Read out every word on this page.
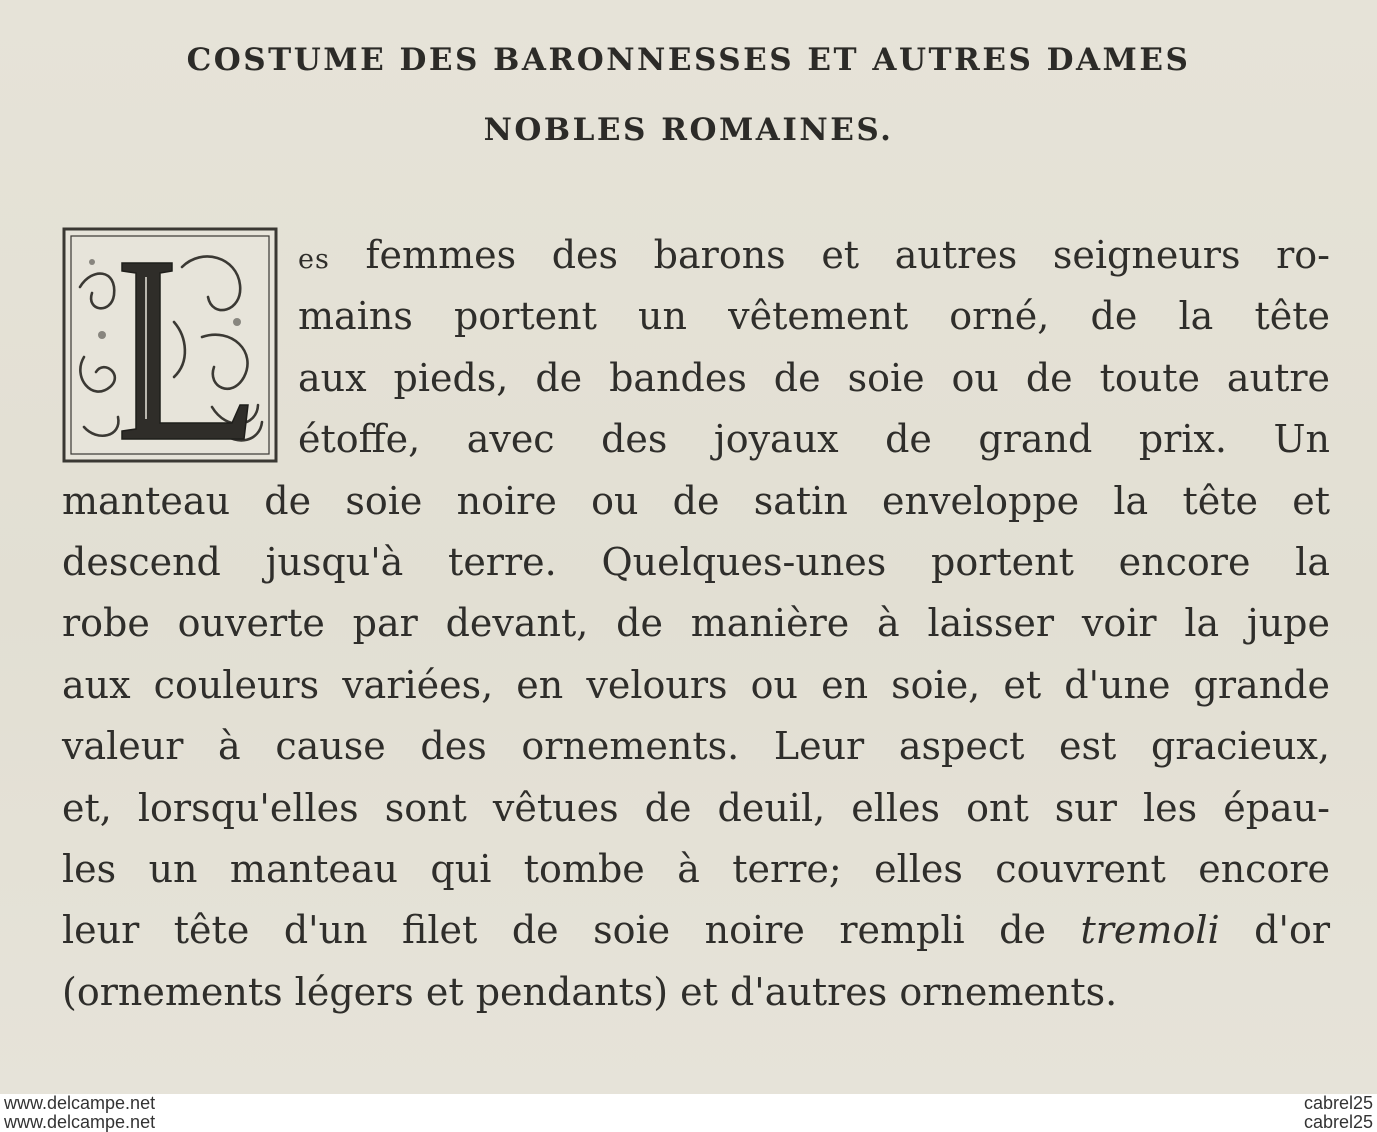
COSTUME DES BARONNESSES ET AUTRES DAMES
NOBLES ROMAINES.
es femmes des barons et autres seigneurs ro-
mains portent un vêtement orné, de la tête
aux pieds, de bandes de soie ou de toute autre
étoffe, avec des joyaux de grand prix. Un
manteau de soie noire ou de satin enveloppe la tête et
descend jusqu'à terre. Quelques-unes portent encore la
robe ouverte par devant, de manière à laisser voir la jupe
aux couleurs variées, en velours ou en soie, et d'une grande
valeur à cause des ornements. Leur aspect est gracieux,
et, lorsqu'elles sont vêtues de deuil, elles ont sur les épau-
les un manteau qui tombe à terre; elles couvrent encore
leur tête d'un filet de soie noire rempli de tremoli d'or
(ornements légers et pendants) et d'autres ornements.
www.delcampe.net
www.delcampe.net
cabrel25
cabrel25
